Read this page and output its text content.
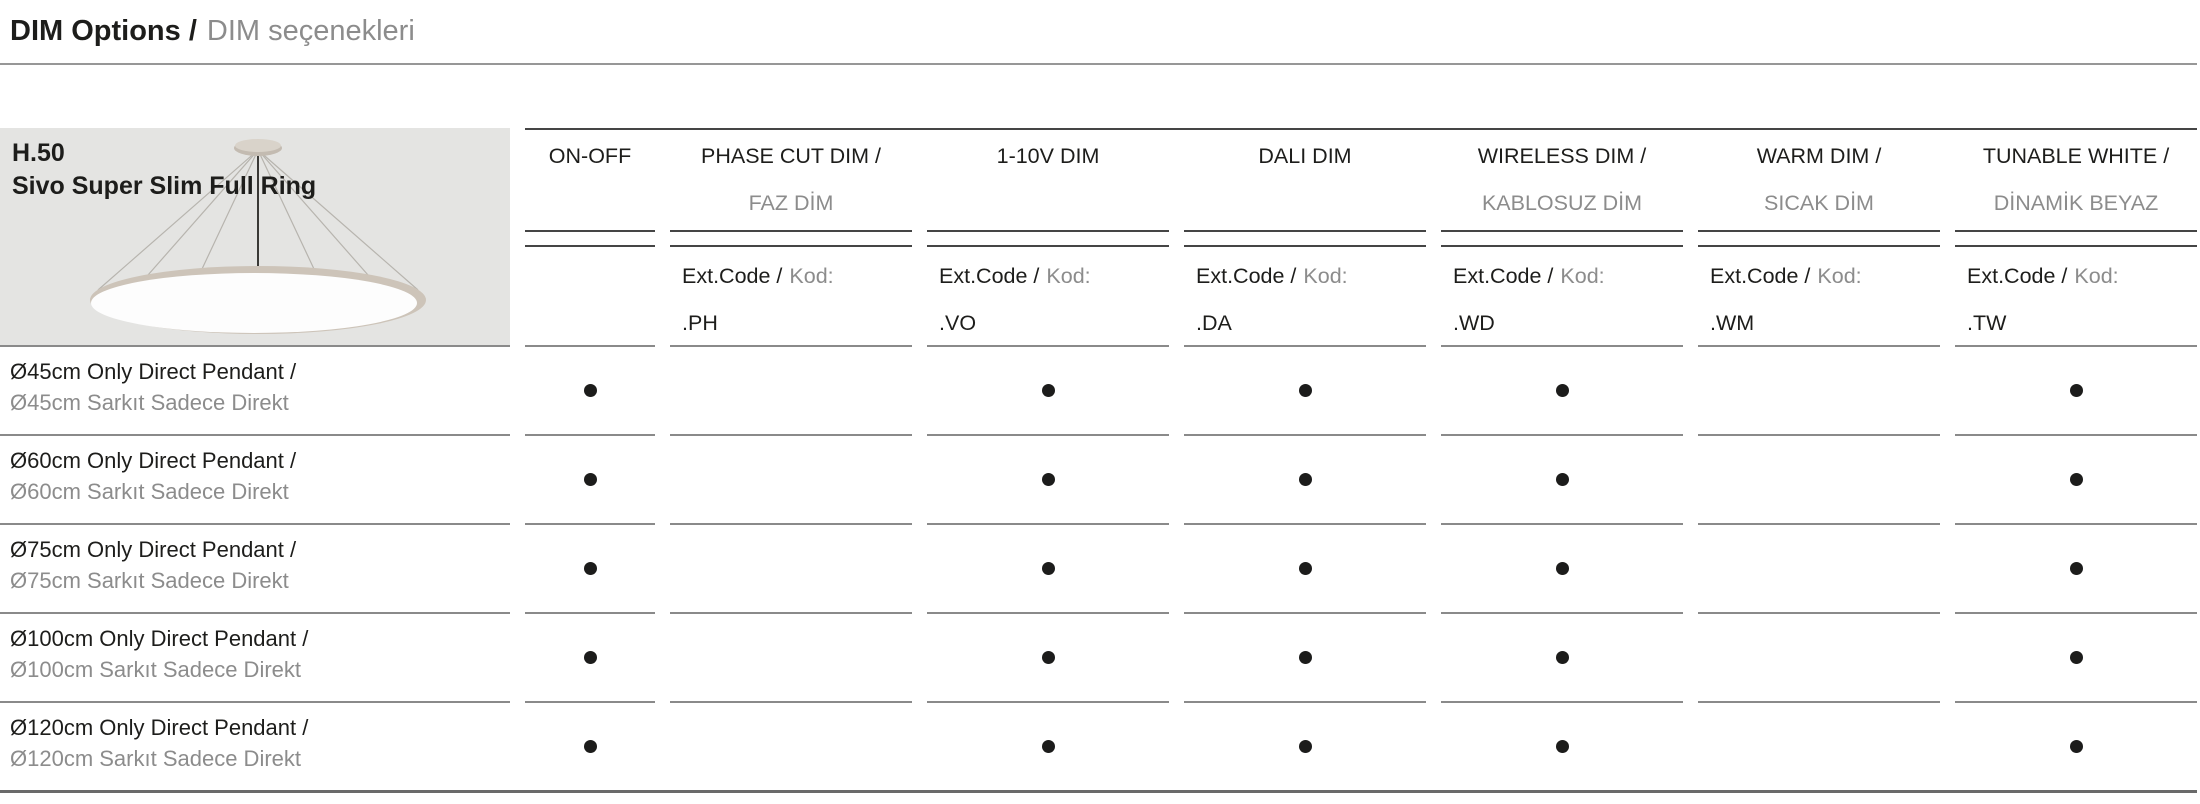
DIM Options / DIM seçenekleri
H.50
Sivo Super Slim Full Ring
ON-OFF	PHASE CUT DIM /
FAZ DİM
Ext.Code / Kod:
.PH
1-10V DIM
Ext.Code / Kod:
.VO
DALI DIM
Ext.Code / Kod:
.DA
WIRELESS DIM /
KABLOSUZ DİM
Ext.Code / Kod:
.WD
WARM DIM /
SICAK DİM
Ext.Code / Kod:
.WM
TUNABLE WHITE /
DİNAMİK BEYAZ
Ext.Code / Kod:
.TW
Ø45cm Only Direct Pendant /
Ø45cm Sarkıt Sadece Direkt
Ø60cm Only Direct Pendant /
Ø60cm Sarkıt Sadece Direkt
Ø75cm Only Direct Pendant /
Ø75cm Sarkıt Sadece Direkt
Ø100cm Only Direct Pendant /
Ø100cm Sarkıt Sadece Direkt
Ø120cm Only Direct Pendant /
Ø120cm Sarkıt Sadece Direkt
